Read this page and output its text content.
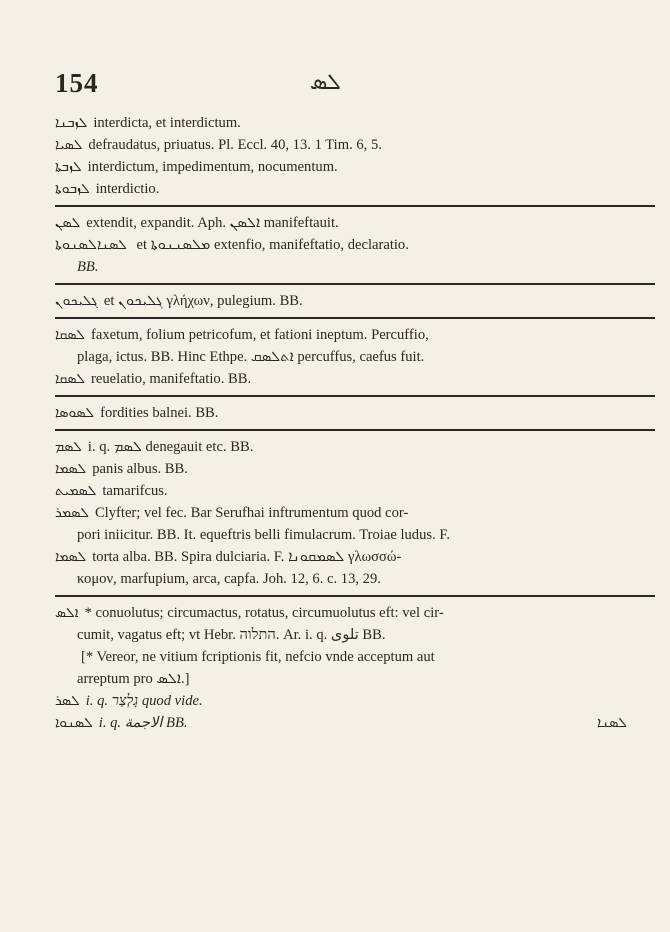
154	ܠܣ
ܠܙܒܢܐ interdicta, et interdictum.
ܠܣܝܐ defraudatus, priuatus. Pl. Eccl. 40, 13. 1 Tim. 6, 5.
ܠܙܒܬܐ interdictum, impedimentum, nocumentum.
ܠܙܒܘܬܐ interdictio.
ܠܣܢ extendit, expandit. Aph. ܐܠܣܢ manifeftauit.
ܠܣܢܐܠܣܢܘܬܐ et ܡܠܣܢܢܘܬܐ extenfio, manifeftatio, declaratio.
BB.
ܓܠܝܟܘܢ et ܓܠܝܟܘܢ γλήχων, pulegium. BB.
ܠܣܩܐ faxetum, folium petricofum, et fationi ineptum. Percuffio,
plaga, ictus. BB. Hinc Ethpe. ܐܬܠܣܩ percuffus, caefus fuit.
ܠܣܩܐ reuelatio, manifeftatio. BB.
ܠܣܘܣܐ fordities balnei. BB.
ܠܣܡ i. q. ܠܣܡ denegauit etc. BB.
ܠܣܡܐ panis albus. BB.
ܠܣܡܝܬ tamarifcus.
ܠܣܡܪ Clyfter; vel fec. Bar Serufhai inftrumentum quod cor-
pori iniicitur. BB. It. equeftris belli fimulacrum. Troiae ludus. F.
ܠܣܡܐ torta alba. BB. Spira dulciaria. F. ܠܣܡܩܘܢܐ γλωσσώ-
κομον, marfupium, arca, capfa. Joh. 12, 6. c. 13, 29.
ܐܠܣ * conuolutus; circumactus, rotatus, circumuolutus eft: vel cir-
cumit, vagatus eft; vt Hebr. התלוה. Ar. i. q. تلوى BB.
[* Vereor, ne vitium fcriptionis fit, nefcio vnde acceptum aut
arreptum pro ܐܠܣ.]
ܠܣܪ i. q. גָלְצַר quod vide.
ܠܣܢܘܐ i. q. الاجمة BB.	ܠܣܢܐ
